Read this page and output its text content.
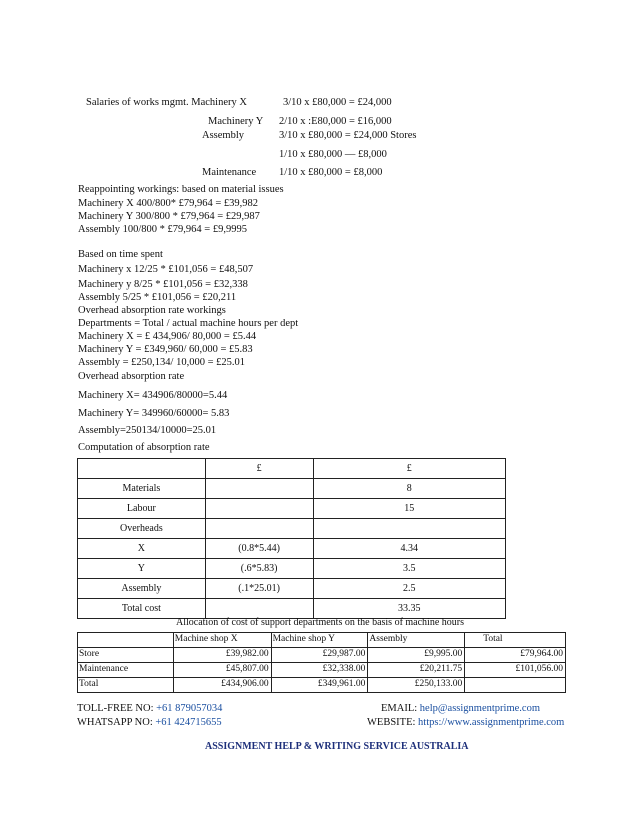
Salaries of works mgmt. Machinery X	3/10 x £80,000 = £24,000
Machinery Y 2/10 x :E80,000 = £16,000
Assembly	3/10 x £80,000 = £24,000 Stores
1/10 x £80,000 — £8,000
Maintenance 1/10 x £80,000 = £8,000
Reappointing workings: based on material issues
Machinery X 400/800* £79,964 = £39,982
Machinery Y 300/800 * £79,964 = £29,987
Assembly 100/800 * £79,964 = £9,9995
Based on time spent
Machinery x 12/25 * £101,056 = £48,507
Machinery y 8/25 * £101,056 = £32,338
Assembly 5/25 * £101,056 = £20,211
Overhead absorption rate workings
Departments = Total / actual machine hours per dept
Machinery X = £ 434,906/ 80,000 = £5.44
Machinery Y = £349,960/ 60,000 = £5.83
Assembly = £250,134/ 10,000 = £25.01
Overhead absorption rate
Machinery X= 434906/80000=5.44
Machinery Y= 349960/60000= 5.83
Assembly=250134/10000=25.01
Computation of absorption rate
	£	£
Materials		8
Labour		15
Overheads		
X	(0.8*5.44)	4.34
Y	(.6*5.83)	3.5
Assembly	(.1*25.01)	2.5
Total cost		33.35
Allocation of cost of support departments on the basis of machine hours
	Machine shop X	Machine shop Y	Assembly	Total
Store	£39,982.00	£29,987.00	£9,995.00	£79,964.00
Maintenance	£45,807.00	£32,338.00	£20,211.75	£101,056.00
Total	£434,906.00	£349,961.00	£250,133.00	
TOLL-FREE NO: +61 879057034
WHATSAPP NO: +61 424715655
EMAIL: help@assignmentprime.com
WEBSITE: https://www.assignmentprime.com
ASSIGNMENT HELP & WRITING SERVICE AUSTRALIA
